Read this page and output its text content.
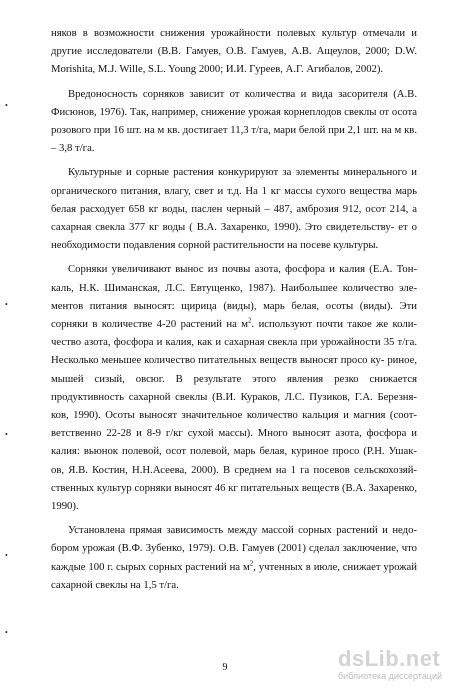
няков в возможности снижения урожайности полевых культур отмечали и другие исследователи (В.В. Гамуев, О.В. Гамуев, А.В. Ащеулов, 2000; D.W. Morishita, M.J. Wille, S.L. Young 2000; И.И. Гуреев, А.Г. Агибалов, 2002).

Вредоносность сорняков зависит от количества и вида засорителя (А.В. Фисюнов, 1976). Так, например, снижение урожая корнеплодов свеклы от осота розового при 16 шт. на м кв. достигает 11,3 т/га, мари белой при 2,1 шт. на м кв. – 3,8 т/га.

Культурные и сорные растения конкурируют за элементы минерального и органического питания, влагу, свет и т.д. На 1 кг массы сухого вещества марь белая расходует 658 кг воды, паслен черный – 487, амброзия 912, осот 214, а сахарная свекла 377 кг воды ( В.А. Захаренко, 1990). Это свидетельству- ет о необходимости подавления сорной растительности на посеве культуры.

Сорняки увеличивают вынос из почвы азота, фосфора и калия (Е.А. Тон- каль, Н.К. Шиманская, Л.С. Евтущенко, 1987). Наибольшее количество эле- ментов питания выносят: щирица (виды), марь белая, осоты (виды). Эти сорняки в количестве 4-20 растений на $м^2$. используют почти такое же коли- чество азота, фосфора и калия, как и сахарная свекла при урожайности 35 т/га. Несколько меньшее количество питательных веществ выносят просо ку- риное, мышей сизый, овсюг. В результате этого явления резко снижается продуктивность сахарной свеклы (В.И. Кураков, Л.С. Пузиков, Г.А. Березня- ков, 1990). Осоты выносят значительное количество кальция и магния (соот- ветственно 22-28 и 8-9 г/кг сухой массы). Много выносят азота, фосфора и калия: вьюнок полевой, осот полевой, марь белая, куриное просо (Р.Н. Ушак- ов, Я.В. Костин, Н.Н.Асеева, 2000). В среднем на 1 га посевов сельскохозяй- ственных культур сорняки выносят 46 кг питательных веществ (В.А. Захаренко, 1990).

Установлена прямая зависимость между массой сорных растений и недо- бором урожая (В.Ф. Зубенко, 1979). О.В. Гамуев (2001) сделал заключение, что каждые 100 г. сырых сорных растений на $м^2$, учтенных в июле, снижает урожай сахарной свеклы на 1,5 т/га.

•
•
•
•
•
9	dsLib.net
библиотека диссертаций
